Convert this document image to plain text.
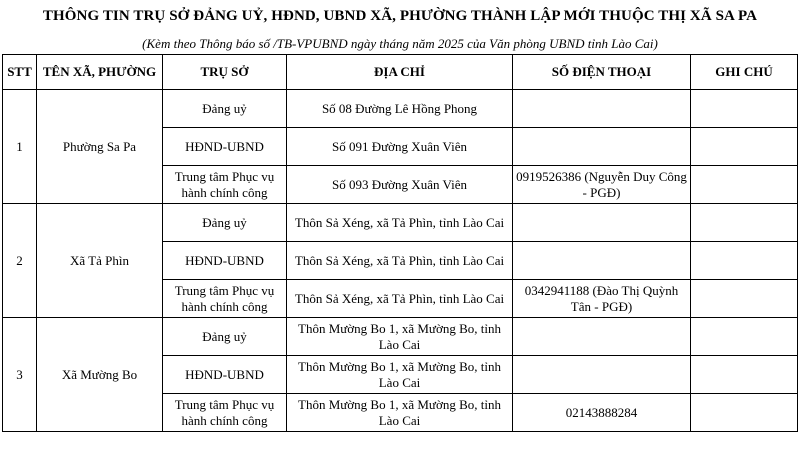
THÔNG TIN TRỤ SỞ ĐẢNG UỶ, HĐND, UBND XÃ, PHƯỜNG THÀNH LẬP MỚI THUỘC THỊ XÃ SA PA
(Kèm theo Thông báo số /TB-VPUBND ngày tháng năm 2025 của Văn phòng UBND tỉnh Lào Cai)
STT	TÊN XÃ, PHƯỜNG	TRỤ SỞ	ĐỊA CHỈ	SỐ ĐIỆN THOẠI	GHI CHÚ
1	Phường Sa Pa	Đảng uỷ	Số 08 Đường Lê Hồng Phong		
		HĐND-UBND	Số 091 Đường Xuân Viên		
		Trung tâm Phục vụ hành chính công	Số 093 Đường Xuân Viên	0919526386 (Nguyễn Duy Công - PGĐ)	
2	Xã Tả Phìn	Đảng uỷ	Thôn Sả Xéng, xã Tả Phìn, tỉnh Lào Cai		
		HĐND-UBND	Thôn Sả Xéng, xã Tả Phìn, tỉnh Lào Cai		
		Trung tâm Phục vụ hành chính công	Thôn Sả Xéng, xã Tả Phìn, tỉnh Lào Cai	0342941188 (Đào Thị Quỳnh Tân - PGĐ)	
3	Xã Mường Bo	Đảng uỷ	Thôn Mường Bo 1, xã Mường Bo, tỉnh Lào Cai		
		HĐND-UBND	Thôn Mường Bo 1, xã Mường Bo, tỉnh Lào Cai		
		Trung tâm Phục vụ hành chính công	Thôn Mường Bo 1, xã Mường Bo, tỉnh Lào Cai	02143888284	
